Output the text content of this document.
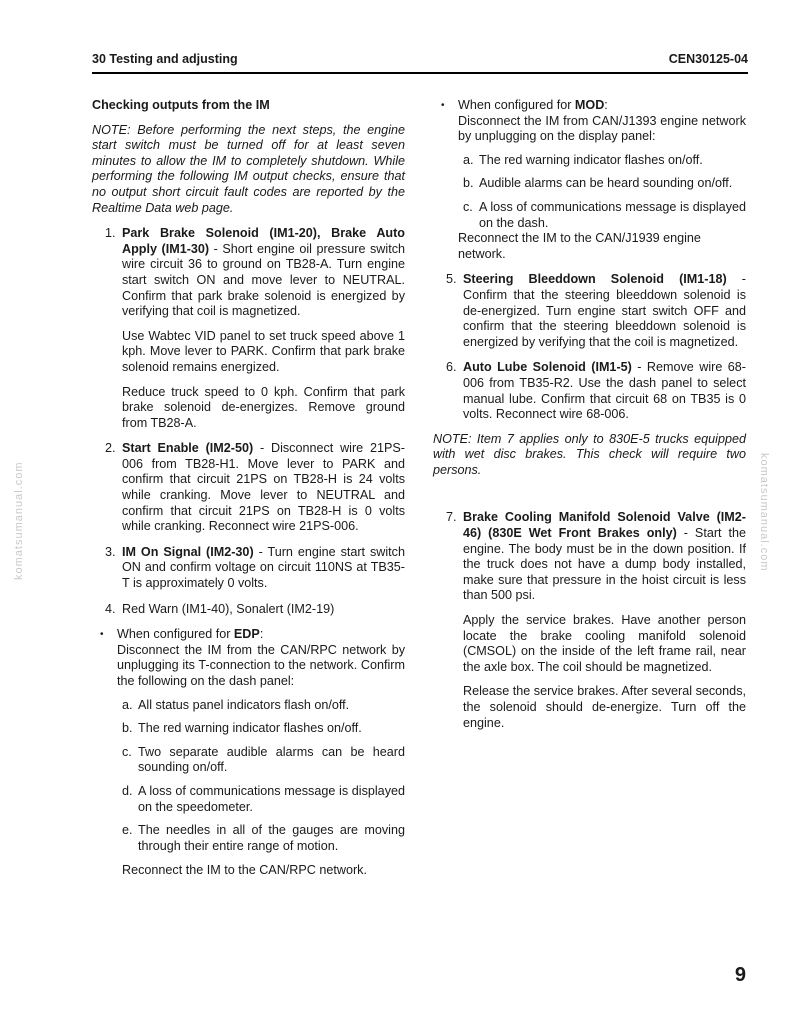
30 Testing and adjusting	CEN30125-04

Checking outputs from the IM

NOTE: Before performing the next steps, the engine start switch must be turned off for at least seven minutes to allow the IM to completely shutdown. While performing the following IM output checks, ensure that no output short circuit fault codes are reported by the Realtime Data web page.

1. Park Brake Solenoid (IM1-20), Brake Auto Apply (IM1-30) - Short engine oil pressure switch wire circuit 36 to ground on TB28-A. Turn engine start switch ON and move lever to NEUTRAL. Confirm that park brake solenoid is energized by verifying that coil is magnetized.

Use Wabtec VID panel to set truck speed above 1 kph. Move lever to PARK. Confirm that park brake solenoid remains energized.

Reduce truck speed to 0 kph. Confirm that park brake solenoid de-energizes. Remove ground from TB28-A.

2. Start Enable (IM2-50) - Disconnect wire 21PS-006 from TB28-H1. Move lever to PARK and confirm that circuit 21PS on TB28-H is 24 volts while cranking. Move lever to NEUTRAL and confirm that circuit 21PS on TB28-H is 0 volts while cranking. Reconnect wire 21PS-006.

3. IM On Signal (IM2-30) - Turn engine start switch ON and confirm voltage on circuit 110NS at TB35-T is approximately 0 volts.

4. Red Warn (IM1-40), Sonalert (IM2-19)

• When configured for EDP:

Disconnect the IM from the CAN/RPC network by unplugging its T-connection to the network. Confirm the following on the dash panel:

a. All status panel indicators flash on/off.

b. The red warning indicator flashes on/off.

c. Two separate audible alarms can be heard sounding on/off.

d. A loss of communications message is displayed on the speedometer.

e. The needles in all of the gauges are moving through their entire range of motion.

Reconnect the IM to the CAN/RPC network.

• When configured for MOD:

Disconnect the IM from CAN/J1393 engine network by unplugging on the display panel:

a. The red warning indicator flashes on/off.

b. Audible alarms can be heard sounding on/off.

c. A loss of communications message is displayed on the dash.

Reconnect the IM to the CAN/J1939 engine network.

5. Steering Bleeddown Solenoid (IM1-18) - Confirm that the steering bleeddown solenoid is de-energized. Turn engine start switch OFF and confirm that the steering bleeddown solenoid is energized by verifying that the coil is magnetized.

6. Auto Lube Solenoid (IM1-5) - Remove wire 68-006 from TB35-R2. Use the dash panel to select manual lube. Confirm that circuit 68 on TB35 is 0 volts. Reconnect wire 68-006.

NOTE: Item 7 applies only to 830E-5 trucks equipped with wet disc brakes. This check will require two persons.

7. Brake Cooling Manifold Solenoid Valve (IM2-46) (830E Wet Front Brakes only) - Start the engine. The body must be in the down position. If the truck does not have a dump body installed, make sure that pressure in the hoist circuit is less than 500 psi.

Apply the service brakes. Have another person locate the brake cooling manifold solenoid (CMSOL) on the inside of the left frame rail, near the axle box. The coil should be magnetized.

Release the service brakes. After several seconds, the solenoid should de-energize. Turn off the engine.

komatsumanual.com	komatsumanual.com
9
